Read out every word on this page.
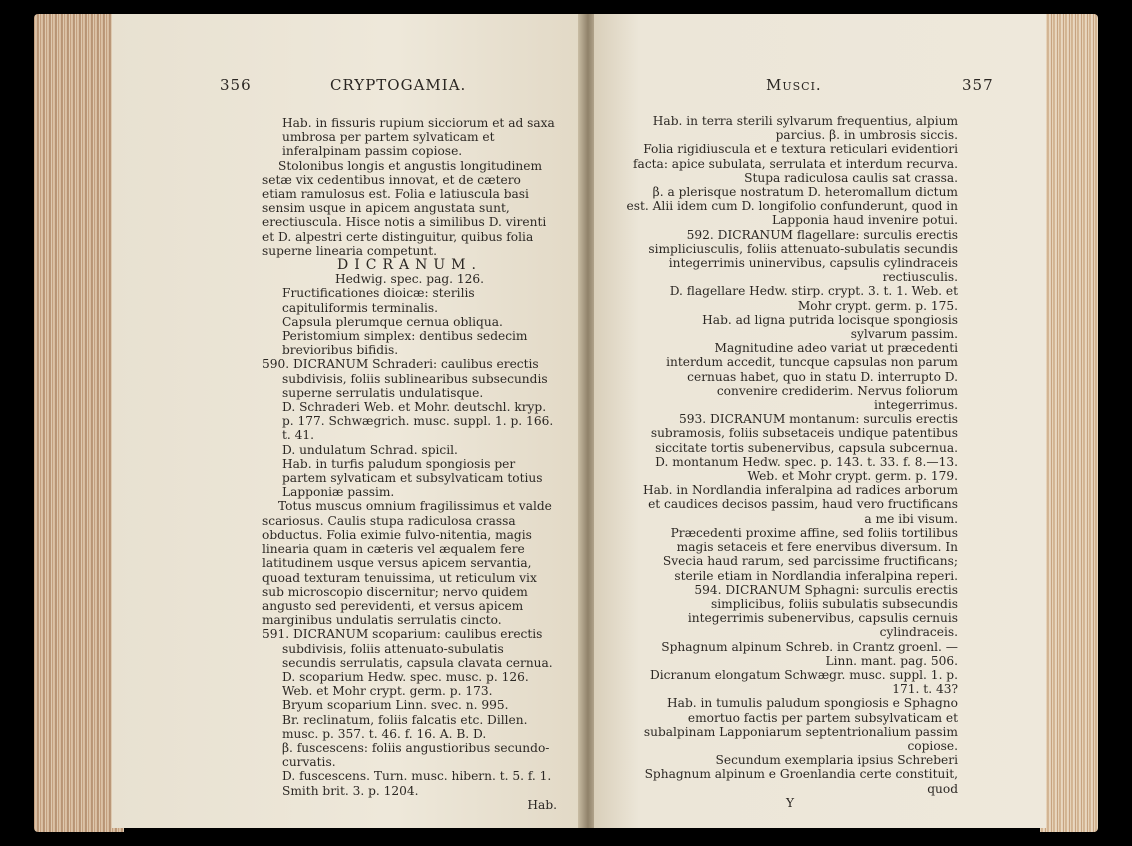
356	CRYPTOGAMIA.

Hab. in fissuris rupium sicciorum et ad saxa umbrosa per partem sylvaticam et inferalpinam passim copiose.

Stolonibus longis et angustis longitudinem setæ vix cedentibus innovat, et de cætero etiam ramulosus est. Folia e latiuscula basi sensim usque in apicem angustata sunt, erectiuscula. Hisce notis a similibus D. virenti et D. alpestri certe distinguitur, quibus folia superne linearia competunt.

DICRANUM.

Hedwig. spec. pag. 126.

Fructificationes dioicæ: sterilis capituliformis terminalis.

Capsula plerumque cernua obliqua.

Peristomium simplex: dentibus sedecim brevioribus bifidis.

590. DICRANUM Schraderi: caulibus erectis subdivisis, foliis sublinearibus subsecundis superne serrulatis undulatisque.

D. Schraderi Web. et Mohr. deutschl. kryp. p. 177. Schwægrich. musc. suppl. 1. p. 166. t. 41.

D. undulatum Schrad. spicil.

Hab. in turfis paludum spongiosis per partem sylvaticam et subsylvaticam totius Lapponiæ passim.

Totus muscus omnium fragilissimus et valde scariosus. Caulis stupa radiculosa crassa obductus. Folia eximie fulvo-nitentia, magis linearia quam in cæteris vel æqualem fere latitudinem usque versus apicem servantia, quoad texturam tenuissima, ut reticulum vix sub microscopio discernitur; nervo quidem angusto sed perevidenti, et versus apicem marginibus undulatis serrulatis cincto.

591. DICRANUM scoparium: caulibus erectis subdivisis, foliis attenuato-subulatis secundis serrulatis, capsula clavata cernua.

D. scoparium Hedw. spec. musc. p. 126. Web. et Mohr crypt. germ. p. 173.

Bryum scoparium Linn. svec. n. 995.

Br. reclinatum, foliis falcatis etc. Dillen. musc. p. 357. t. 46. f. 16. A. B. D.

β. fuscescens: foliis angustioribus secundo-curvatis.

D. fuscescens. Turn. musc. hibern. t. 5. f. 1. Smith brit. 3. p. 1204.

Hab.

Musci.	357

Hab. in terra sterili sylvarum frequentius, alpium parcius. β. in umbrosis siccis.

Folia rigidiuscula et e textura reticulari evidentiori facta: apice subulata, serrulata et interdum recurva. Stupa radiculosa caulis sat crassa.

β. a plerisque nostratum D. heteromallum dictum est. Alii idem cum D. longifolio confunderunt, quod in Lapponia haud invenire potui.

592. DICRANUM flagellare: surculis erectis simpliciusculis, foliis attenuato-subulatis secundis integerrimis uninervibus, capsulis cylindraceis rectiusculis.

D. flagellare Hedw. stirp. crypt. 3. t. 1. Web. et Mohr crypt. germ. p. 175.

Hab. ad ligna putrida locisque spongiosis sylvarum passim.

Magnitudine adeo variat ut præcedenti interdum accedit, tuncque capsulas non parum cernuas habet, quo in statu D. interrupto D. convenire crediderim. Nervus foliorum integerrimus.

593. DICRANUM montanum: surculis erectis subramosis, foliis subsetaceis undique patentibus siccitate tortis subenervibus, capsula subcernua.

D. montanum Hedw. spec. p. 143. t. 33. f. 8.—13. Web. et Mohr crypt. germ. p. 179.

Hab. in Nordlandia inferalpina ad radices arborum et caudices decisos passim, haud vero fructificans a me ibi visum.

Præcedenti proxime affine, sed foliis tortilibus magis setaceis et fere enervibus diversum. In Svecia haud rarum, sed parcissime fructificans; sterile etiam in Nordlandia inferalpina reperi.

594. DICRANUM Sphagni: surculis erectis simplicibus, foliis subulatis subsecundis integerrimis subenervibus, capsulis cernuis cylindraceis.

Sphagnum alpinum Schreb. in Crantz groenl. — Linn. mant. pag. 506.

Dicranum elongatum Schwægr. musc. suppl. 1. p. 171. t. 43?

Hab. in tumulis paludum spongiosis e Sphagno emortuo factis per partem subsylvaticam et subalpinam Lapponiarum septentrionalium passim copiose.

Secundum exemplaria ipsius Schreberi Sphagnum alpinum e Groenlandia certe constituit, quod

Y
